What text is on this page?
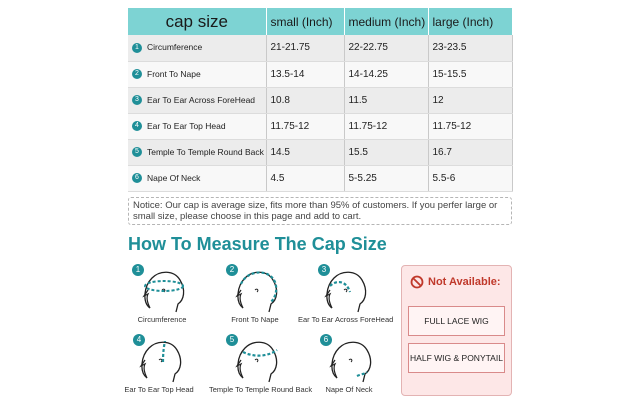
cap size	small (Inch)	medium (Inch)	large (Inch)
1 Circumference	21-21.75	22-22.75	23-23.5
2 Front To Nape	13.5-14	14-14.25	15-15.5
3 Ear To Ear Across ForeHead	10.8	11.5	12
4 Ear To Ear Top Head	11.75-12	11.75-12	11.75-12
5 Temple To Temple Round Back	14.5	15.5	16.7
6 Nape Of Neck	4.5	5-5.25	5.5-6
Notice: Our cap is average size, fits more than 95% of customers. If you perfer large or small size, please choose in this page and add to cart.
How To Measure The Cap Size
1
Circumference
2
Front To Nape
3
Ear To Ear Across ForeHead
4
Ear To Ear Top Head
5
Temple To Temple Round Back
6
Nape Of Neck
Not Available:
FULL LACE WIG
HALF WIG & PONYTAIL
